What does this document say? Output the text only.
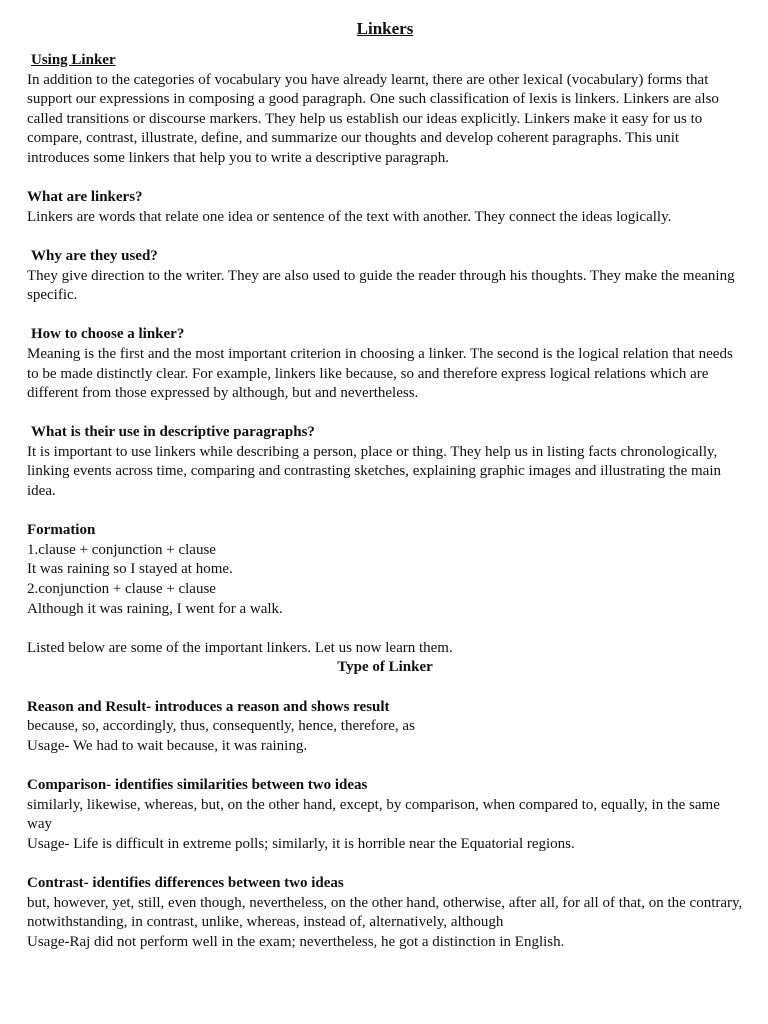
Linkers
Using Linker
In addition to the categories of vocabulary you have already learnt, there are other lexical (vocabulary) forms that support our expressions in composing a good paragraph. One such classification of lexis is linkers. Linkers are also called transitions or discourse markers. They help us establish our ideas explicitly. Linkers make it easy for us to compare, contrast, illustrate, define, and summarize our thoughts and develop coherent paragraphs. This unit introduces some linkers that help you to write a descriptive paragraph.
What are linkers?
Linkers are words that relate one idea or sentence of the text with another. They connect the ideas logically.
Why are they used?
They give direction to the writer. They are also used to guide the reader through his thoughts. They make the meaning specific.
How to choose a linker?
Meaning is the first and the most important criterion in choosing a linker. The second is the logical relation that needs to be made distinctly clear. For example, linkers like because, so and therefore express logical relations which are different from those expressed by although, but and nevertheless.
What is their use in descriptive paragraphs?
It is important to use linkers while describing a person, place or thing. They help us in listing facts chronologically, linking events across time, comparing and contrasting sketches, explaining graphic images and illustrating the main idea.
Formation
1.clause + conjunction + clause
It was raining so I stayed at home.
2.conjunction + clause + clause
Although it was raining, I went for a walk.
Listed below are some of the important linkers. Let us now learn them.
Type of Linker
Reason and Result- introduces a reason and shows result
because, so, accordingly, thus, consequently, hence, therefore, as
Usage- We had to wait because, it was raining.
Comparison- identifies similarities between two ideas
similarly, likewise, whereas, but, on the other hand, except, by comparison, when compared to, equally, in the same way
Usage- Life is difficult in extreme polls; similarly, it is horrible near the Equatorial regions.
Contrast- identifies differences between two ideas
but, however, yet, still, even though, nevertheless, on the other hand, otherwise, after all, for all of that, on the contrary, notwithstanding, in contrast, unlike, whereas, instead of, alternatively, although
Usage-Raj did not perform well in the exam; nevertheless, he got a distinction in English.
